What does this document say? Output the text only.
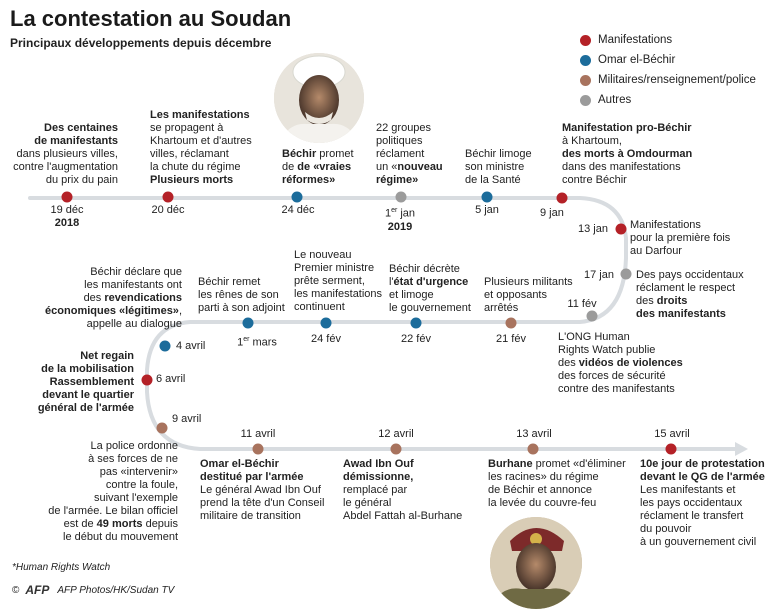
La contestation au Soudan
Principaux développements depuis décembre	Manifestations
Omar el-Béchir
Militaires/renseignement/police
Autres
Des centaines
de manifestants
dans plusieurs villes,
contre l'augmentation
du prix du pain
19 déc
2018
Les manifestations
se propagent à
Khartoum et d'autres
villes, réclamant
la chute du régime
Plusieurs morts
20 déc
Béchir promet
de de «vraies
réformes»
24 déc
22 groupes
politiques
réclament
un «nouveau
régime»
1er jan
2019
Béchir limoge
son ministre
de la Santé
5 jan
Manifestation pro-Béchir
à Khartoum,
des morts à Omdourman
dans des manifestations
contre Béchir
9 jan
Manifestations
pour la première fois
au Darfour
13 jan
Des pays occidentaux
réclament le respect
des droits
des manifestants
17 jan
L'ONG Human
Rights Watch publie
des vidéos de violences
des forces de sécurité
contre des manifestants
11 fév
Plusieurs militants
et opposants
arrêtés
21 fév
Béchir décrète
l'état d'urgence
et limoge
le gouvernement
22 fév
Le nouveau
Premier ministre
prête serment,
les manifestations
continuent
24 fév
Béchir remet
les rênes de son
parti à son adjoint
1er mars
Béchir déclare que
les manifestants ont
des revendications
économiques «légitimes»,
appelle au dialogue
4 avril
Net regain
de la mobilisation
Rassemblement
devant le quartier
général de l'armée
6 avril
La police ordonne
à ses forces de ne
pas «intervenir»
contre la foule,
suivant l'exemple
de l'armée. Le bilan officiel
est de 49 morts depuis
le début du mouvement
9 avril
Omar el-Béchir
destitué par l'armée
Le général Awad Ibn Ouf
prend la tête d'un Conseil
militaire de transition
11 avril
Awad Ibn Ouf
démissionne,
remplacé par
le général
Abdel Fattah al-Burhane
12 avril
Burhane promet «d'éliminer
les racines» du régime
de Béchir et annonce
la levée du couvre-feu
13 avril
10e jour de protestation
devant le QG de l'armée
Les manifestants et
les pays occidentaux
réclament le transfert
du pouvoir
à un gouvernement civil
15 avril
*Human Rights Watch
© AFP AFP Photos/HK/Sudan TV
